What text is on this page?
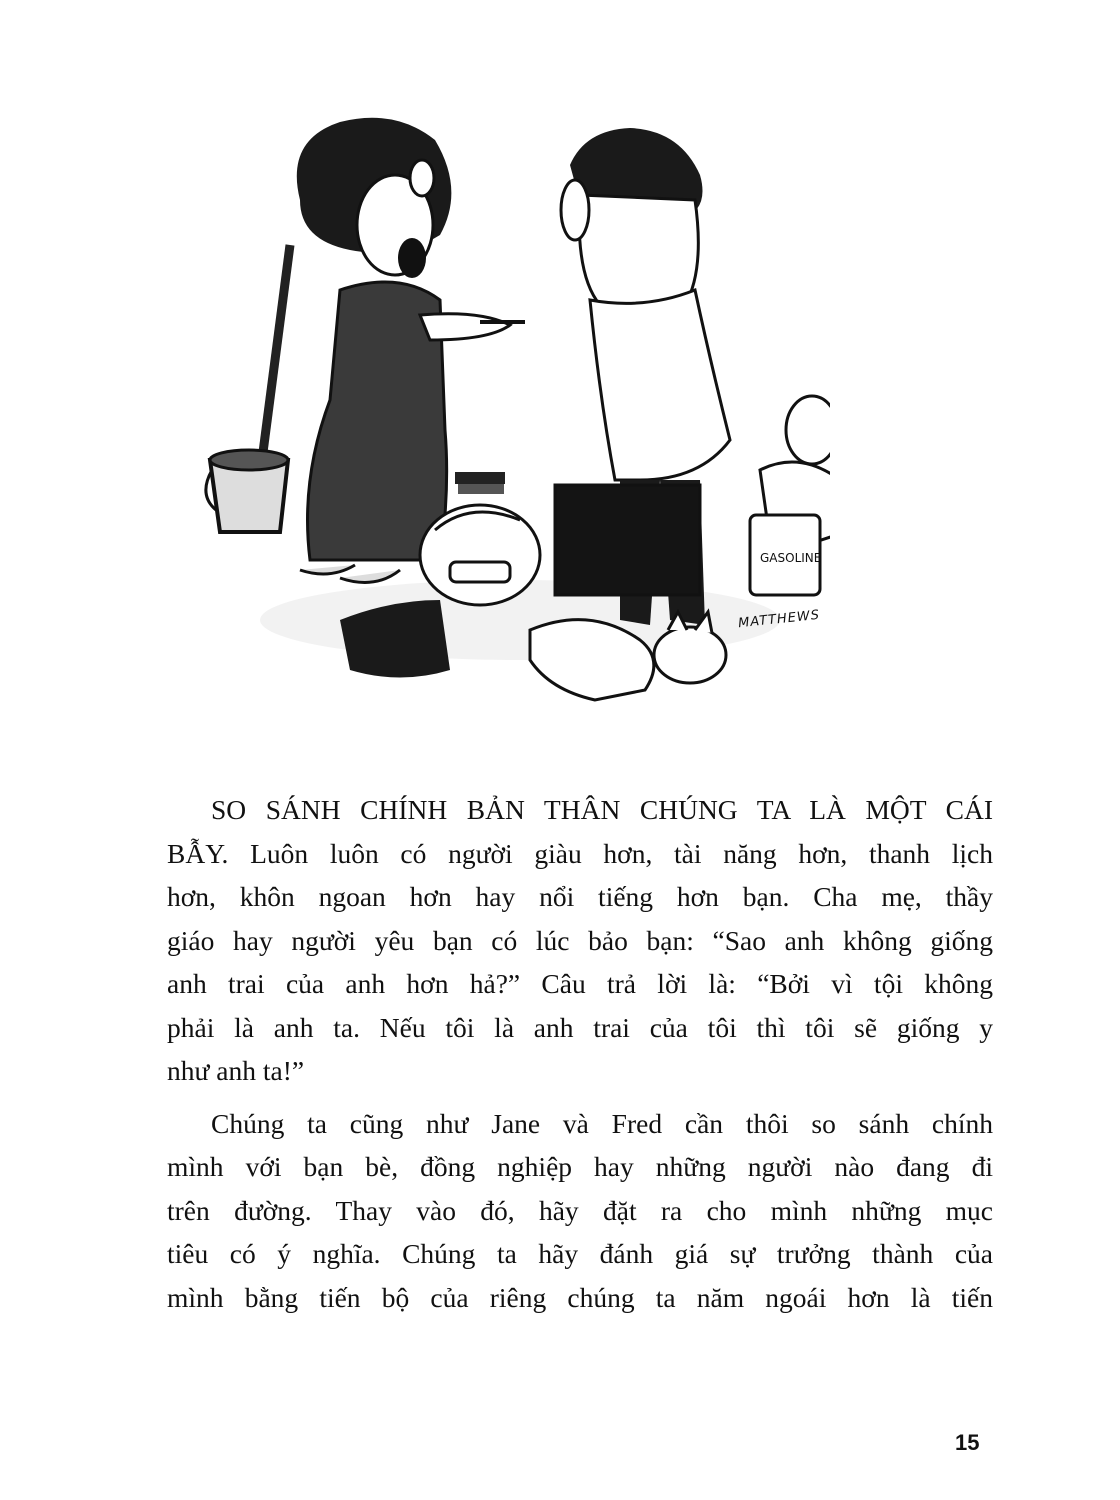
GASOLINE
MATTHEWS

SO SÁNH CHÍNH BẢN THÂN CHÚNG TA LÀ MỘT CÁI
BẪY. Luôn luôn có người giàu hơn, tài năng hơn, thanh lịch
hơn, khôn ngoan hơn hay nổi tiếng hơn bạn. Cha mẹ, thầy
giáo hay người yêu bạn có lúc bảo bạn: “Sao anh không giống
anh trai của anh hơn hả?” Câu trả lời là: “Bởi vì tội không
phải là anh ta. Nếu tôi là anh trai của tôi thì tôi sẽ giống y
như anh ta!”

Chúng ta cũng như Jane và Fred cần thôi so sánh chính
mình với bạn bè, đồng nghiệp hay những người nào đang đi
trên đường. Thay vào đó, hãy đặt ra cho mình những mục
tiêu có ý nghĩa. Chúng ta hãy đánh giá sự trưởng thành của
mình bằng tiến bộ của riêng chúng ta năm ngoái hơn là tiến

15
